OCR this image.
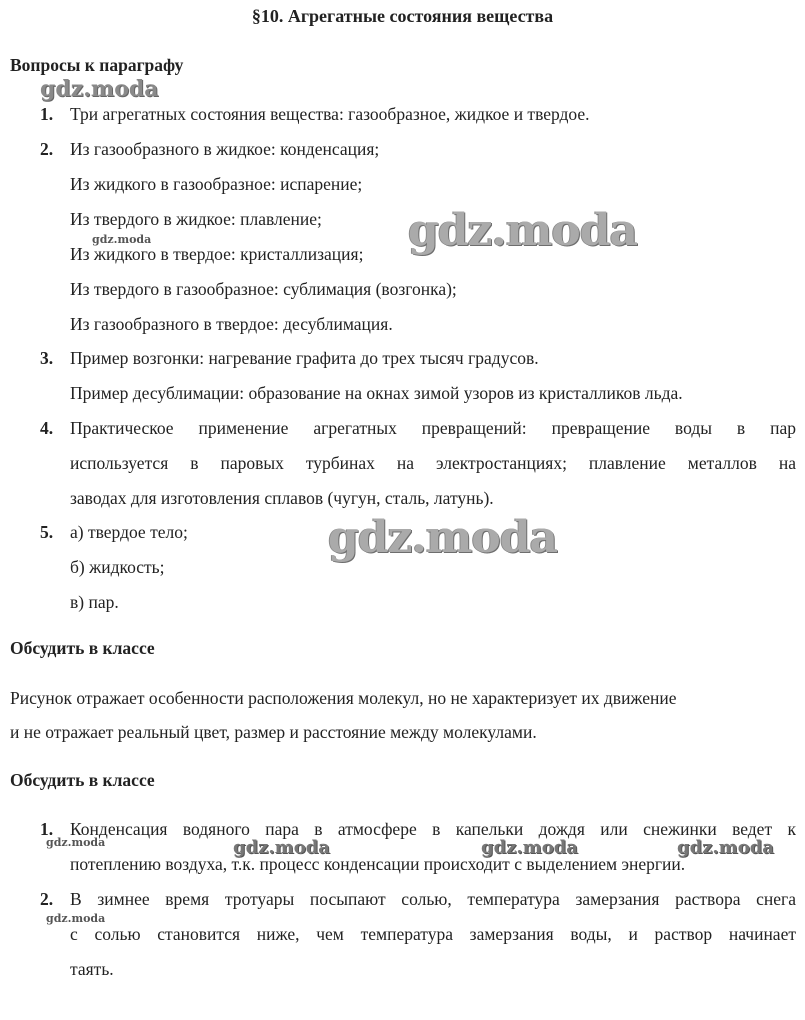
§10. Агрегатные состояния вещества
Вопросы к параграфу
1. Три агрегатных состояния вещества: газообразное, жидкое и твердое.
2. Из газообразного в жидкое: конденсация;
Из жидкого в газообразное: испарение;
Из твердого в жидкое: плавление;
Из жидкого в твердое: кристаллизация;
Из твердого в газообразное: сублимация (возгонка);
Из газообразного в твердое: десублимация.
3. Пример возгонки: нагревание графита до трех тысяч градусов.
Пример десублимации: образование на окнах зимой узоров из кристалликов льда.
4. Практическое применение агрегатных превращений: превращение воды в пар
используется в паровых турбинах на электростанциях; плавление металлов на
заводах для изготовления сплавов (чугун, сталь, латунь).
5. а) твердое тело;
б) жидкость;
в) пар.
Обсудить в классе
Рисунок отражает особенности расположения молекул, но не характеризует их движение
и не отражает реальный цвет, размер и расстояние между молекулами.
Обсудить в классе
1. Конденсация водяного пара в атмосфере в капельки дождя или снежинки ведет к
потеплению воздуха, т.к. процесс конденсации происходит с выделением энергии.
2. В зимнее время тротуары посыпают солью, температура замерзания раствора снега
с солью становится ниже, чем температура замерзания воды, и раствор начинает
таять.
gdz.moda
gdz.moda
gdz.moda
gdz.moda
gdz.moda	gdz.moda	gdz.moda	gdz.moda
gdz.moda
